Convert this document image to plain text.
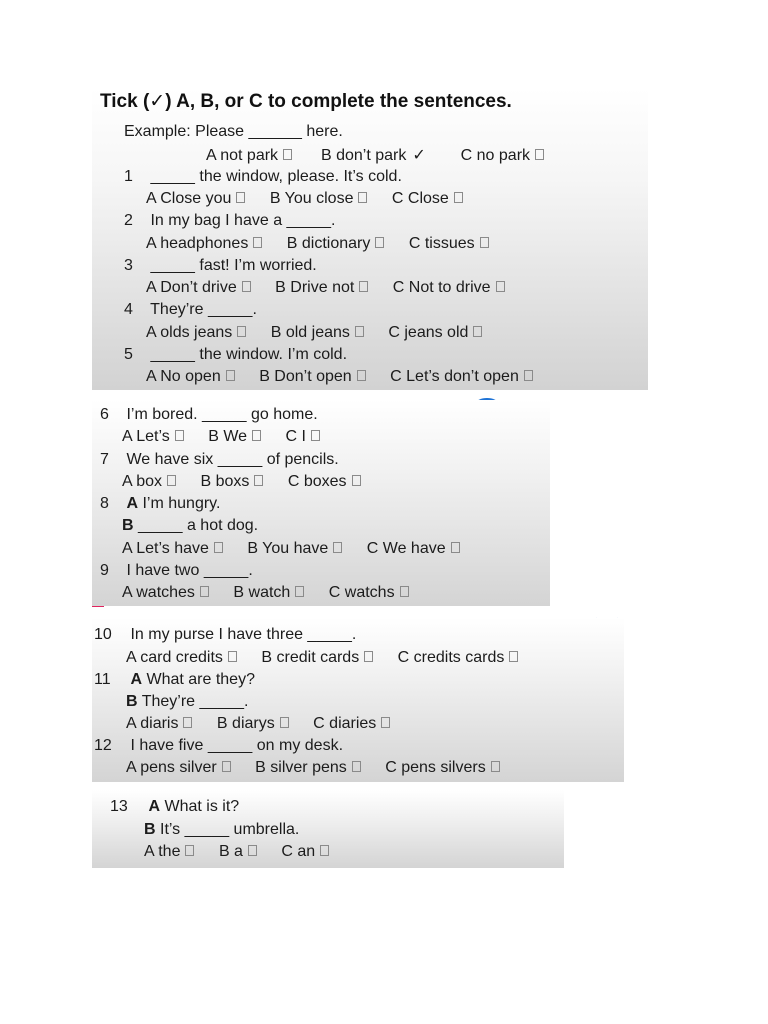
Tick (✓) A, B, or C to complete the sentences.
Example: Please ______ here.
A not park	B don’t park ✓ C no park
1 _____ the window, please. It’s cold.
A Close you B You close C Close
2 In my bag I have a _____.
A headphones B dictionary C tissues
3 _____ fast! I’m worried.
A Don’t drive B Drive not C Not to drive
4 They’re _____.
A olds jeans B old jeans C jeans old
5 _____ the window. I’m cold.
A No open B Don’t open C Let’s don’t open
6 I’m bored. _____ go home.
A Let’s B We C I
7 We have six _____ of pencils.
A box B boxs C boxes
8 A I’m hungry.
B _____ a hot dog.
A Let’s have B You have C We have
9 I have two _____.
A watches B watch C watchs
10 In my purse I have three _____.
A card credits B credit cards C credits cards
11 A What are they?
B They’re _____.
A diaris B diarys C diaries
12 I have five _____ on my desk.
A pens silver B silver pens C pens silvers
13 A What is it?
B It’s _____ umbrella.
A the B a C an
